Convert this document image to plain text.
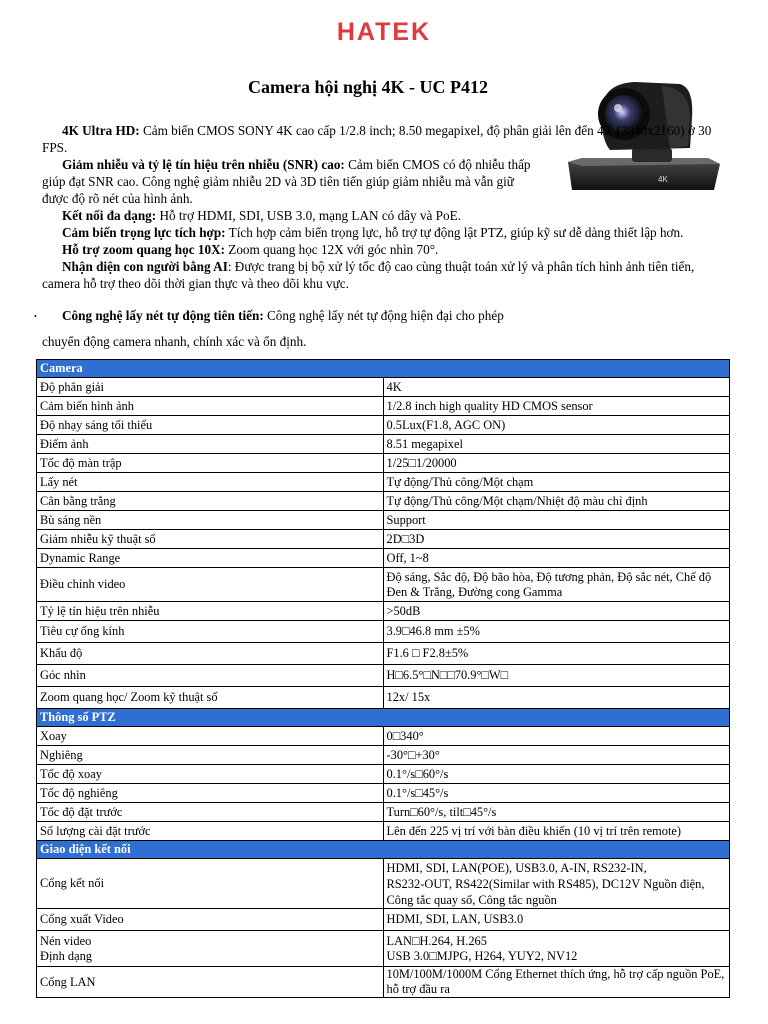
HATEK
Camera hội nghị 4K - UC P412
4K

4K Ultra HD: Cảm biến CMOS SONY 4K cao cấp 1/2.8 inch; 8.50 megapixel, độ phân giải lên đến 4K (3840x2160) ở 30 FPS.

Giảm nhiễu và tỷ lệ tín hiệu trên nhiễu (SNR) cao: Cảm biến CMOS có độ nhiễu thấp giúp đạt SNR cao. Công nghệ giảm nhiễu 2D và 3D tiên tiến giúp giảm nhiễu mà vẫn giữ được độ rõ nét của hình ảnh.

Kết nối đa dạng: Hỗ trợ HDMI, SDI, USB 3.0, mạng LAN có dây và PoE.

Cảm biến trọng lực tích hợp: Tích hợp cảm biến trọng lực, hỗ trợ tự động lật PTZ, giúp kỹ sư dễ dàng thiết lập hơn.

Hỗ trợ zoom quang học 10X: Zoom quang học 12X với góc nhìn 70°.

Nhận diện con người bằng AI: Được trang bị bộ xử lý tốc độ cao cùng thuật toán xử lý và phân tích hình ảnh tiên tiến, camera hỗ trợ theo dõi thời gian thực và theo dõi khu vực.

• Công nghệ lấy nét tự động tiên tiến: Công nghệ lấy nét tự động hiện đại cho phép
chuyển động camera nhanh, chính xác và ổn định.
Camera	
Độ phân giải	4K
Cảm biến hình ảnh	1/2.8 inch high quality HD CMOS sensor
Độ nhạy sáng tối thiểu	0.5Lux(F1.8, AGC ON)
Điểm ảnh	8.51 megapixel
Tốc độ màn trập	1/25□1/20000
Lấy nét	Tự động/Thủ công/Một chạm
Cân bằng trắng	Tự động/Thủ công/Một chạm/Nhiệt độ màu chỉ định
Bù sáng nền	Support
Giảm nhiễu kỹ thuật số	2D□3D
Dynamic Range	Off, 1~8
Điều chỉnh video	Độ sáng, Sắc độ, Độ bão hòa, Độ tương phản, Độ sắc nét, Chế độ Đen & Trắng, Đường cong Gamma
Tỷ lệ tín hiệu trên nhiễu	>50dB
Tiêu cự ống kính	3.9□46.8 mm ±5%
Khẩu độ	F1.6 □ F2.8±5%
Góc nhìn	H□6.5°□N□□70.9°□W□
Zoom quang học/ Zoom kỹ thuật số	12x/ 15x
Thông số PTZ	
Xoay	0□340°
Nghiêng	-30°□+30°
Tốc độ xoay	0.1°/s□60°/s
Tốc độ nghiêng	0.1°/s□45°/s
Tốc độ đặt trước	Turn□60°/s, tilt□45°/s
Số lượng cài đặt trước	Lên đến 225 vị trí với bàn điều khiển (10 vị trí trên remote)
Giao diện kết nối	
Cổng kết nối	HDMI, SDI, LAN(POE), USB3.0, A-IN, RS232-IN,
RS232-OUT, RS422(Similar with RS485), DC12V Nguồn điện, Công tắc quay số, Công tắc nguồn
Cổng xuất Video	HDMI, SDI, LAN, USB3.0
Nén video
Định dạng	LAN□H.264, H.265
USB 3.0□MJPG, H264, YUY2, NV12
Cổng LAN	10M/100M/1000M Cổng Ethernet thích ứng, hỗ trợ cấp nguồn PoE, hỗ trợ đầu ra
